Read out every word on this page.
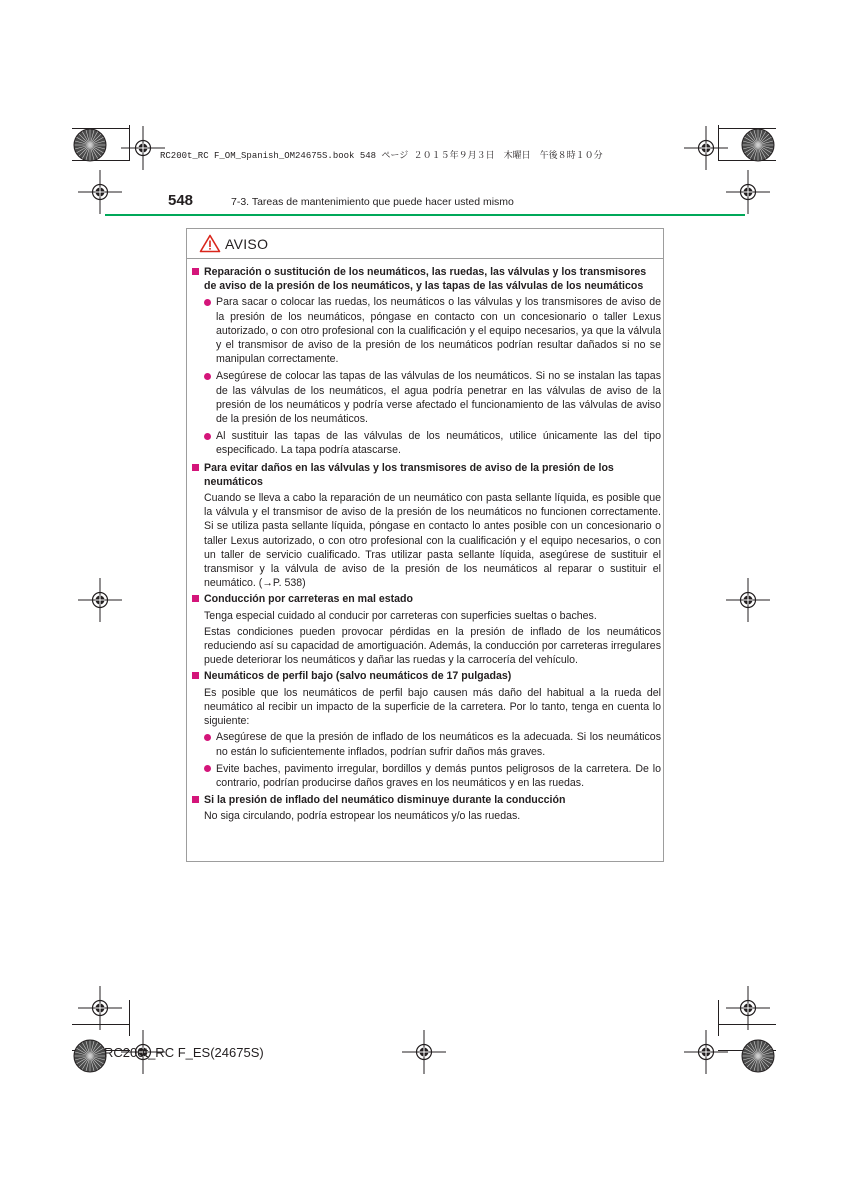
RC200t_RC F_OM_Spanish_OM24675S.book 548 ページ ２０１５年９月３日　木曜日　午後８時１０分
548	7-3. Tareas de mantenimiento que puede hacer usted mismo
AVISO
Reparación o sustitución de los neumáticos, las ruedas, las válvulas y los transmisores de aviso de la presión de los neumáticos, y las tapas de las válvulas de los neumáticos
Para sacar o colocar las ruedas, los neumáticos o las válvulas y los transmisores de aviso de la presión de los neumáticos, póngase en contacto con un concesionario o taller Lexus autorizado, o con otro profesional con la cualificación y el equipo necesarios, ya que la válvula y el transmisor de aviso de la presión de los neumáticos podrían resultar dañados si no se manipulan correctamente.
Asegúrese de colocar las tapas de las válvulas de los neumáticos. Si no se instalan las tapas de las válvulas de los neumáticos, el agua podría penetrar en las válvulas de aviso de la presión de los neumáticos y podría verse afectado el funcionamiento de las válvulas de aviso de la presión de los neumáticos.
Al sustituir las tapas de las válvulas de los neumáticos, utilice únicamente las del tipo especificado. La tapa podría atascarse.
Para evitar daños en las válvulas y los transmisores de aviso de la presión de los neumáticos
Cuando se lleva a cabo la reparación de un neumático con pasta sellante líquida, es posible que la válvula y el transmisor de aviso de la presión de los neumáticos no funcionen correctamente. Si se utiliza pasta sellante líquida, póngase en contacto lo antes posible con un concesionario o taller Lexus autorizado, o con otro profesional con la cualificación y el equipo necesarios, o con un taller de servicio cualificado. Tras utilizar pasta sellante líquida, asegúrese de sustituir el transmisor y la válvula de aviso de la presión de los neumáticos al reparar o sustituir el neumático. (→P. 538)
Conducción por carreteras en mal estado
Tenga especial cuidado al conducir por carreteras con superficies sueltas o baches.
Estas condiciones pueden provocar pérdidas en la presión de inflado de los neumáticos reduciendo así su capacidad de amortiguación. Además, la conducción por carreteras irregulares puede deteriorar los neumáticos y dañar las ruedas y la carrocería del vehículo.
Neumáticos de perfil bajo (salvo neumáticos de 17 pulgadas)
Es posible que los neumáticos de perfil bajo causen más daño del habitual a la rueda del neumático al recibir un impacto de la superficie de la carretera. Por lo tanto, tenga en cuenta lo siguiente:
Asegúrese de que la presión de inflado de los neumáticos es la adecuada. Si los neumáticos no están lo suficientemente inflados, podrían sufrir daños más graves.
Evite baches, pavimento irregular, bordillos y demás puntos peligrosos de la carretera. De lo contrario, podrían producirse daños graves en los neumáticos y en las ruedas.
Si la presión de inflado del neumático disminuye durante la conducción
No siga circulando, podría estropear los neumáticos y/o las ruedas.
RC200t_RC F_ES(24675S)
